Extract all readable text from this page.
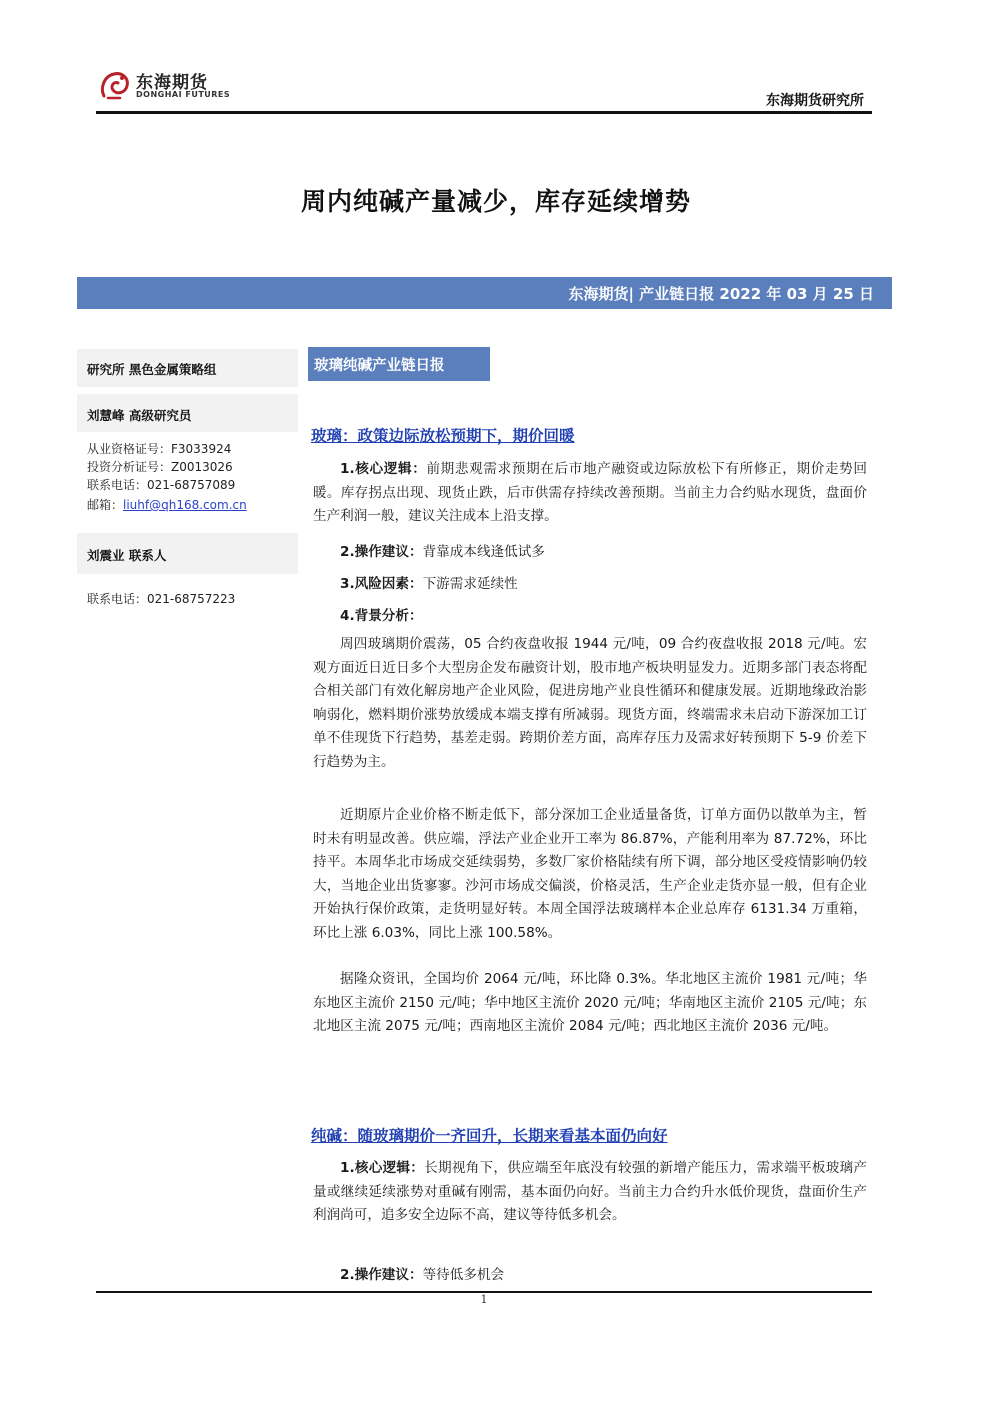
东海期货
DONGHAI FUTURES	东海期货研究所
周内纯碱产量减少，库存延续增势
东海期货| 产业链日报 2022 年 03 月 25 日
研究所 黑色金属策略组
刘慧峰 高级研究员
从业资格证号：F3033924
投资分析证号：Z0013026
联系电话：021-68757089
邮箱：liuhf@qh168.com.cn
刘震业 联系人
联系电话：021-68757223
玻璃纯碱产业链日报
玻璃：政策边际放松预期下，期价回暖
1.核心逻辑：前期悲观需求预期在后市地产融资或边际放松下有所修正，期价走势回暖。库存拐点出现、现货止跌，后市供需存持续改善预期。当前主力合约贴水现货，盘面价生产利润一般，建议关注成本上沿支撑。
2.操作建议：背靠成本线逢低试多
3.风险因素：下游需求延续性
4.背景分析：
周四玻璃期价震荡，05 合约夜盘收报 1944 元/吨，09 合约夜盘收报 2018 元/吨。宏观方面近日近日多个大型房企发布融资计划，股市地产板块明显发力。近期多部门表态将配合相关部门有效化解房地产企业风险，促进房地产业良性循环和健康发展。近期地缘政治影响弱化，燃料期价涨势放缓成本端支撑有所减弱。现货方面，终端需求未启动下游深加工订单不佳现货下行趋势，基差走弱。跨期价差方面，高库存压力及需求好转预期下 5-9 价差下行趋势为主。
近期原片企业价格不断走低下，部分深加工企业适量备货，订单方面仍以散单为主，暂时未有明显改善。供应端，浮法产业企业开工率为 86.87%，产能利用率为 87.72%，环比持平。本周华北市场成交延续弱势，多数厂家价格陆续有所下调，部分地区受疫情影响仍较大，当地企业出货寥寥。沙河市场成交偏淡，价格灵活，生产企业走货亦显一般，但有企业开始执行保价政策，走货明显好转。本周全国浮法玻璃样本企业总库存 6131.34 万重箱，环比上涨 6.03%，同比上涨 100.58%。
据隆众资讯，全国均价 2064 元/吨，环比降 0.3%。华北地区主流价 1981 元/吨；华东地区主流价 2150 元/吨；华中地区主流价 2020 元/吨；华南地区主流价 2105 元/吨；东北地区主流 2075 元/吨；西南地区主流价 2084 元/吨；西北地区主流价 2036 元/吨。
纯碱：随玻璃期价一齐回升，长期来看基本面仍向好
1.核心逻辑：长期视角下，供应端至年底没有较强的新增产能压力，需求端平板玻璃产量或继续延续涨势对重碱有刚需，基本面仍向好。当前主力合约升水低价现货，盘面价生产利润尚可，追多安全边际不高，建议等待低多机会。
2.操作建议：等待低多机会
1
